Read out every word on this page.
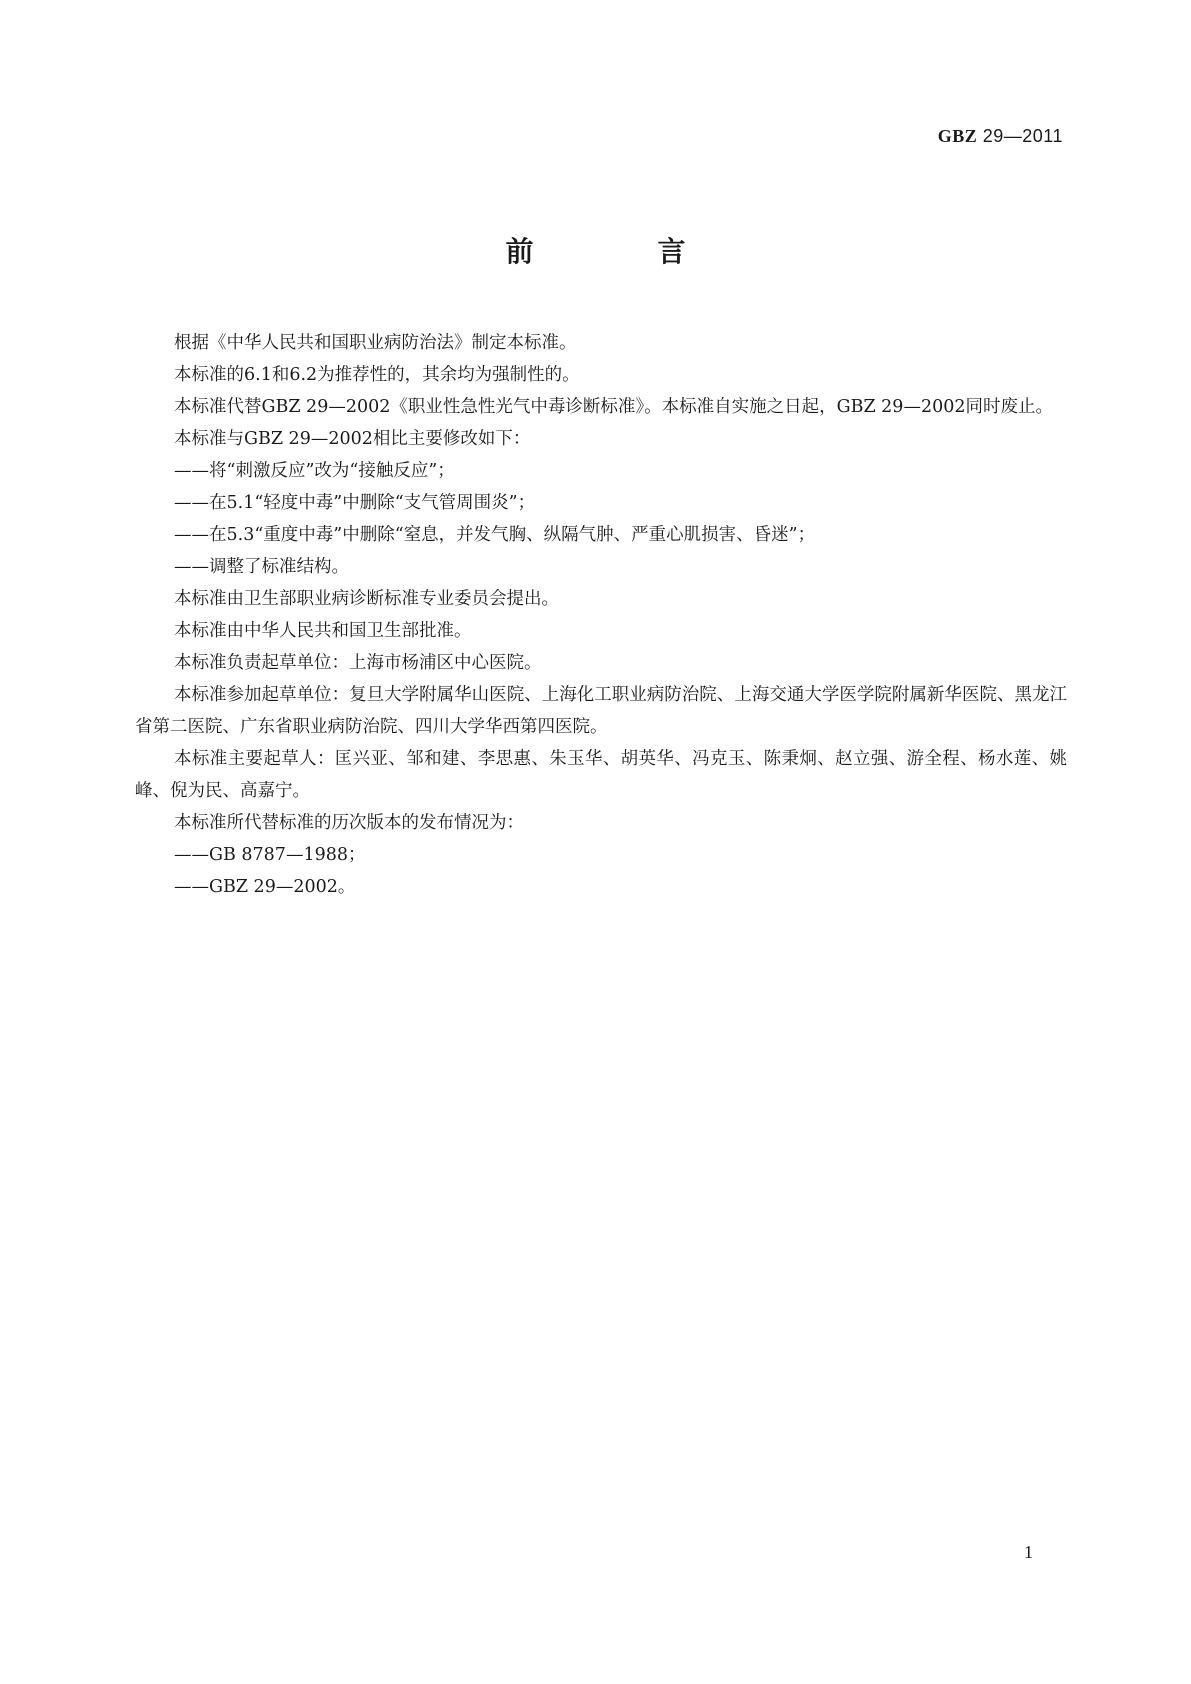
GBZ 29—2011
前　言

根据《中华人民共和国职业病防治法》制定本标准。

本标准的6.1和6.2为推荐性的，其余均为强制性的。

本标准代替GBZ 29—2002《职业性急性光气中毒诊断标准》。本标准自实施之日起，GBZ 29—2002同时废止。

本标准与GBZ 29—2002相比主要修改如下：

——将“刺激反应”改为“接触反应”；

——在5.1“轻度中毒”中删除“支气管周围炎”；

——在5.3“重度中毒”中删除“窒息，并发气胸、纵隔气肿、严重心肌损害、昏迷”；

——调整了标准结构。

本标准由卫生部职业病诊断标准专业委员会提出。

本标准由中华人民共和国卫生部批准。

本标准负责起草单位：上海市杨浦区中心医院。

本标准参加起草单位：复旦大学附属华山医院、上海化工职业病防治院、上海交通大学医学院附属新华医院、黑龙江省第二医院、广东省职业病防治院、四川大学华西第四医院。

本标准主要起草人：匡兴亚、邹和建、李思惠、朱玉华、胡英华、冯克玉、陈秉炯、赵立强、游全程、杨水莲、姚峰、倪为民、高嘉宁。

本标准所代替标准的历次版本的发布情况为：

——GB 8787—1988；

——GBZ 29—2002。

1
